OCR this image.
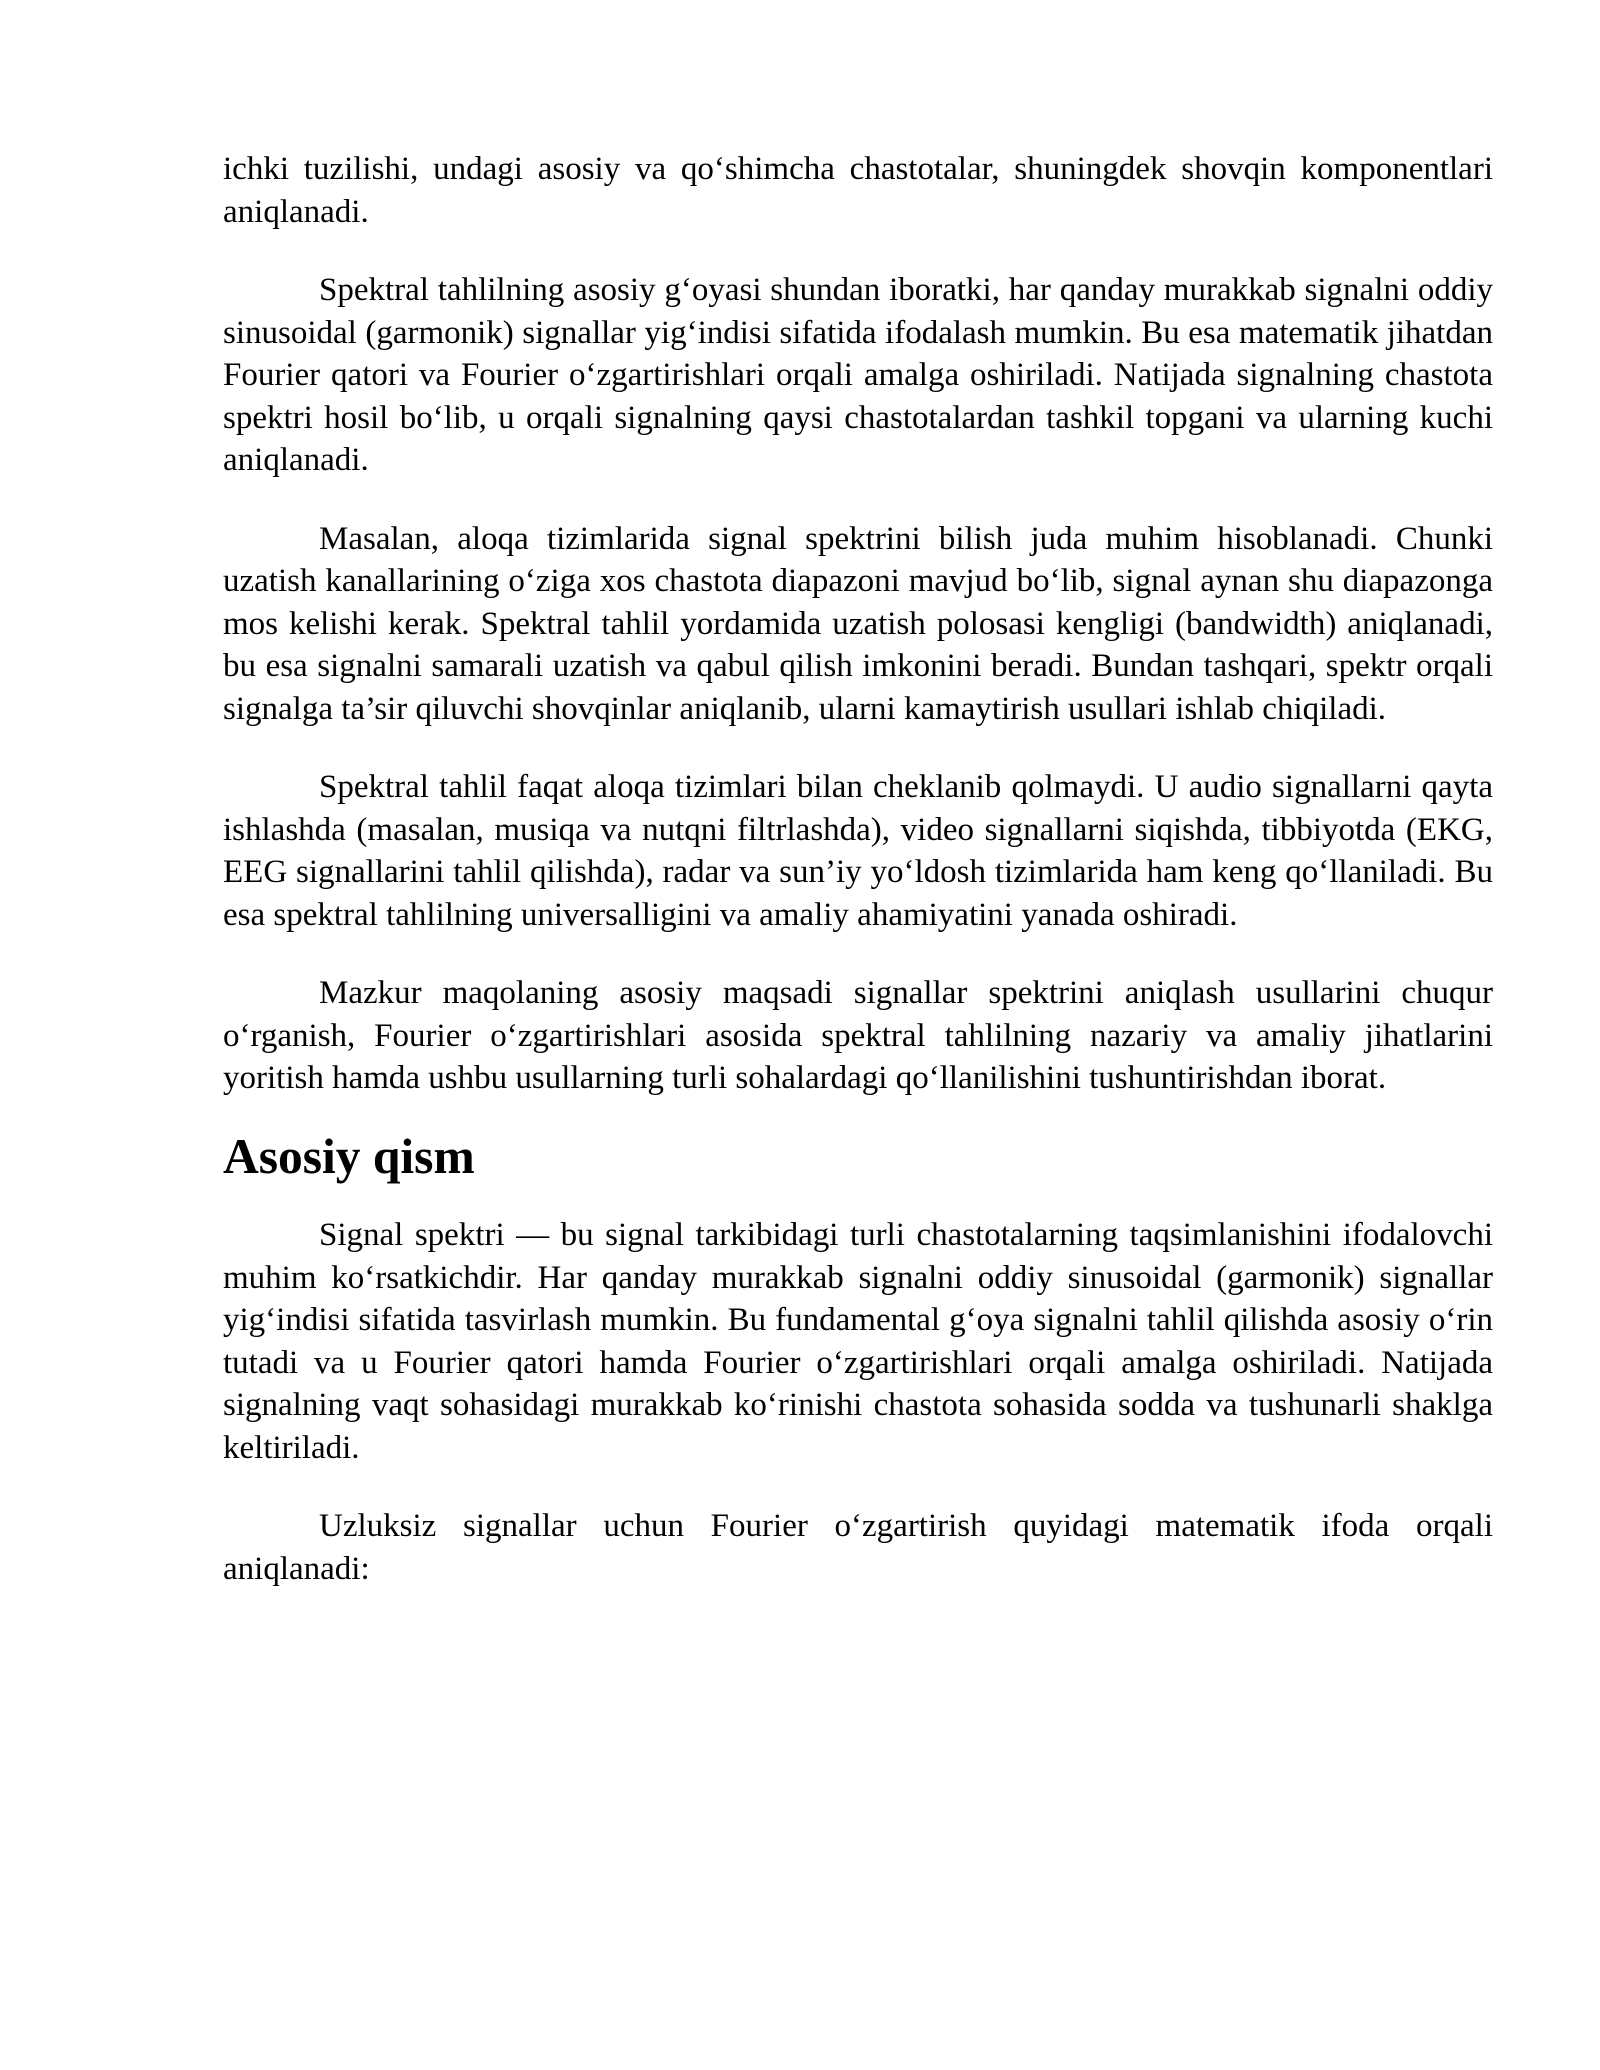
ichki tuzilishi, undagi asosiy va qo‘shimcha chastotalar, shuningdek shovqin komponentlari aniqlanadi.

Spektral tahlilning asosiy g‘oyasi shundan iboratki, har qanday murakkab signalni oddiy sinusoidal (garmonik) signallar yig‘indisi sifatida ifodalash mumkin. Bu esa matematik jihatdan Fourier qatori va Fourier o‘zgartirishlari orqali amalga oshiriladi. Natijada signalning chastota spektri hosil bo‘lib, u orqali signalning qaysi chastotalardan tashkil topgani va ularning kuchi aniqlanadi.

Masalan, aloqa tizimlarida signal spektrini bilish juda muhim hisoblanadi. Chunki uzatish kanallarining o‘ziga xos chastota diapazoni mavjud bo‘lib, signal aynan shu diapazonga mos kelishi kerak. Spektral tahlil yordamida uzatish polosasi kengligi (bandwidth) aniqlanadi, bu esa signalni samarali uzatish va qabul qilish imkonini beradi. Bundan tashqari, spektr orqali signalga ta’sir qiluvchi shovqinlar aniqlanib, ularni kamaytirish usullari ishlab chiqiladi.

Spektral tahlil faqat aloqa tizimlari bilan cheklanib qolmaydi. U audio signallarni qayta ishlashda (masalan, musiqa va nutqni filtrlashda), video signallarni siqishda, tibbiyotda (EKG, EEG signallarini tahlil qilishda), radar va sun’iy yo‘ldosh tizimlarida ham keng qo‘llaniladi. Bu esa spektral tahlilning universalligini va amaliy ahamiyatini yanada oshiradi.

Mazkur maqolaning asosiy maqsadi signallar spektrini aniqlash usullarini chuqur o‘rganish, Fourier o‘zgartirishlari asosida spektral tahlilning nazariy va amaliy jihatlarini yoritish hamda ushbu usullarning turli sohalardagi qo‘llanilishini tushuntirishdan iborat.

Asosiy qism

Signal spektri — bu signal tarkibidagi turli chastotalarning taqsimlanishini ifodalovchi muhim ko‘rsatkichdir. Har qanday murakkab signalni oddiy sinusoidal (garmonik) signallar yig‘indisi sifatida tasvirlash mumkin. Bu fundamental g‘oya signalni tahlil qilishda asosiy o‘rin tutadi va u Fourier qatori hamda Fourier o‘zgartirishlari orqali amalga oshiriladi. Natijada signalning vaqt sohasidagi murakkab ko‘rinishi chastota sohasida sodda va tushunarli shaklga keltiriladi.

Uzluksiz signallar uchun Fourier o‘zgartirish quyidagi matematik ifoda orqali aniqlanadi:
